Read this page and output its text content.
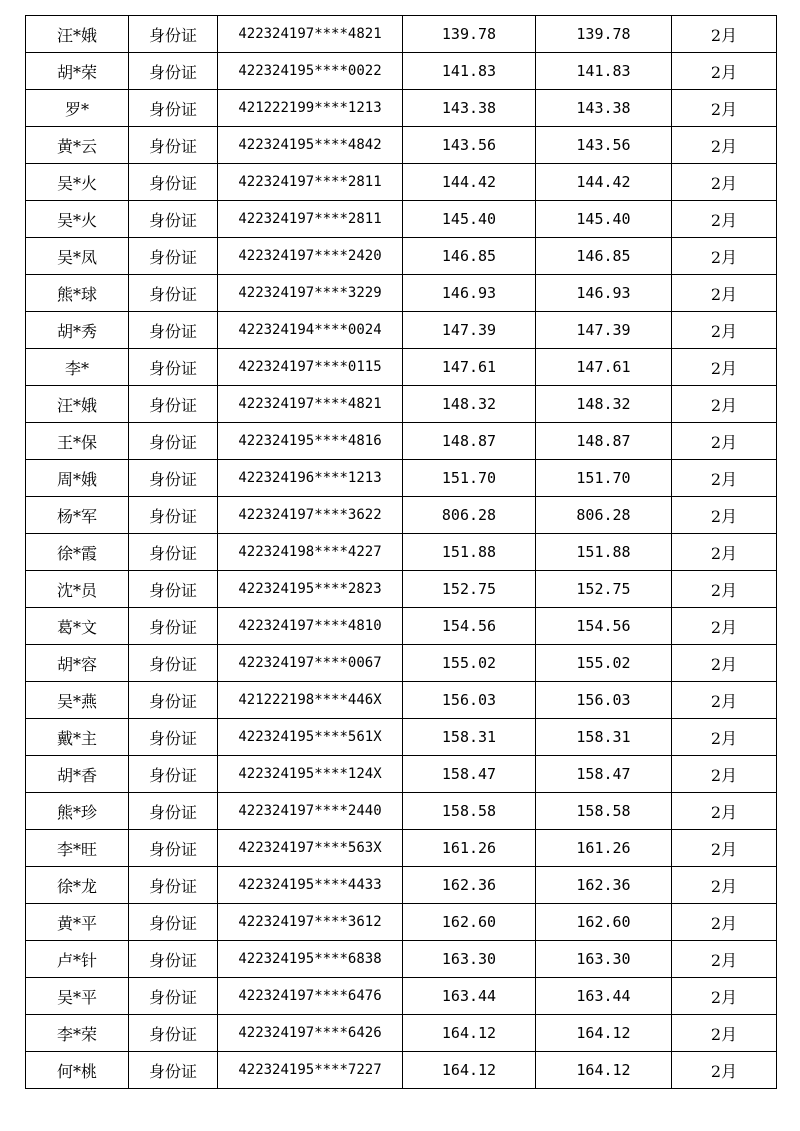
汪*娥	身份证	422324197****4821	139.78	139.78	2月
胡*荣	身份证	422324195****0022	141.83	141.83	2月
罗*	身份证	421222199****1213	143.38	143.38	2月
黄*云	身份证	422324195****4842	143.56	143.56	2月
吴*火	身份证	422324197****2811	144.42	144.42	2月
吴*火	身份证	422324197****2811	145.40	145.40	2月
吴*凤	身份证	422324197****2420	146.85	146.85	2月
熊*球	身份证	422324197****3229	146.93	146.93	2月
胡*秀	身份证	422324194****0024	147.39	147.39	2月
李*	身份证	422324197****0115	147.61	147.61	2月
汪*娥	身份证	422324197****4821	148.32	148.32	2月
王*保	身份证	422324195****4816	148.87	148.87	2月
周*娥	身份证	422324196****1213	151.70	151.70	2月
杨*军	身份证	422324197****3622	806.28	806.28	2月
徐*霞	身份证	422324198****4227	151.88	151.88	2月
沈*员	身份证	422324195****2823	152.75	152.75	2月
葛*文	身份证	422324197****4810	154.56	154.56	2月
胡*容	身份证	422324197****0067	155.02	155.02	2月
吴*燕	身份证	421222198****446X	156.03	156.03	2月
戴*主	身份证	422324195****561X	158.31	158.31	2月
胡*香	身份证	422324195****124X	158.47	158.47	2月
熊*珍	身份证	422324197****2440	158.58	158.58	2月
李*旺	身份证	422324197****563X	161.26	161.26	2月
徐*龙	身份证	422324195****4433	162.36	162.36	2月
黄*平	身份证	422324197****3612	162.60	162.60	2月
卢*针	身份证	422324195****6838	163.30	163.30	2月
吴*平	身份证	422324197****6476	163.44	163.44	2月
李*荣	身份证	422324197****6426	164.12	164.12	2月
何*桃	身份证	422324195****7227	164.12	164.12	2月
